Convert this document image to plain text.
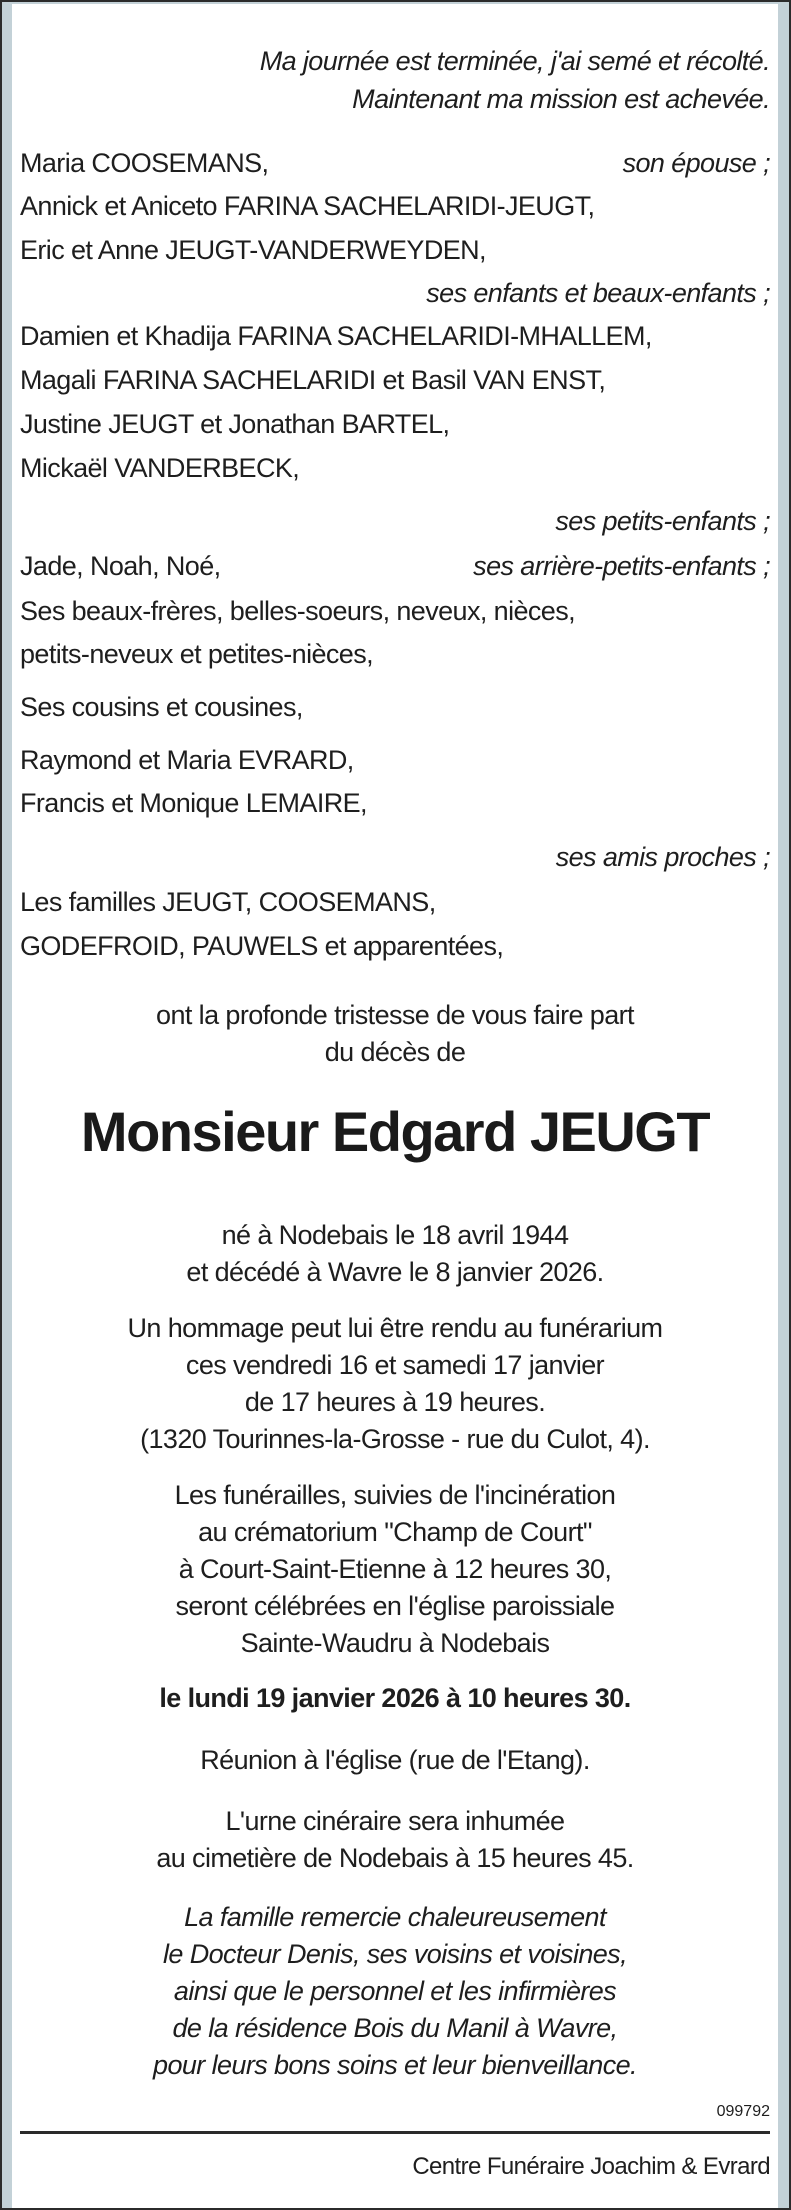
Ma journée est terminée, j'ai semé et récolté.
Maintenant ma mission est achevée.
Maria COOSEMANS,	son épouse ;
Annick et Aniceto FARINA SACHELARIDI-JEUGT,
Eric et Anne JEUGT-VANDERWEYDEN,
ses enfants et beaux-enfants ;
Damien et Khadija FARINA SACHELARIDI-MHALLEM,
Magali FARINA SACHELARIDI et Basil VAN ENST,
Justine JEUGT et Jonathan BARTEL,
Mickaël VANDERBECK,
ses petits-enfants ;
Jade, Noah, Noé,	ses arrière-petits-enfants ;
Ses beaux-frères, belles-soeurs, neveux, nièces,
petits-neveux et petites-nièces,
Ses cousins et cousines,
Raymond et Maria EVRARD,
Francis et Monique LEMAIRE,
ses amis proches ;
Les familles JEUGT, COOSEMANS,
GODEFROID, PAUWELS et apparentées,
ont la profonde tristesse de vous faire part
du décès de
Monsieur Edgard JEUGT
né à Nodebais le 18 avril 1944
et décédé à Wavre le 8 janvier 2026.
Un hommage peut lui être rendu au funérarium
ces vendredi 16 et samedi 17 janvier
de 17 heures à 19 heures.
(1320 Tourinnes-la-Grosse - rue du Culot, 4).
Les funérailles, suivies de l'incinération
au crématorium "Champ de Court"
à Court-Saint-Etienne à 12 heures 30,
seront célébrées en l'église paroissiale
Sainte-Waudru à Nodebais
le lundi 19 janvier 2026 à 10 heures 30.
Réunion à l'église (rue de l'Etang).
L'urne cinéraire sera inhumée
au cimetière de Nodebais à 15 heures 45.
La famille remercie chaleureusement
le Docteur Denis, ses voisins et voisines,
ainsi que le personnel et les infirmières
de la résidence Bois du Manil à Wavre,
pour leurs bons soins et leur bienveillance.
099792
Centre Funéraire Joachim & Evrard
